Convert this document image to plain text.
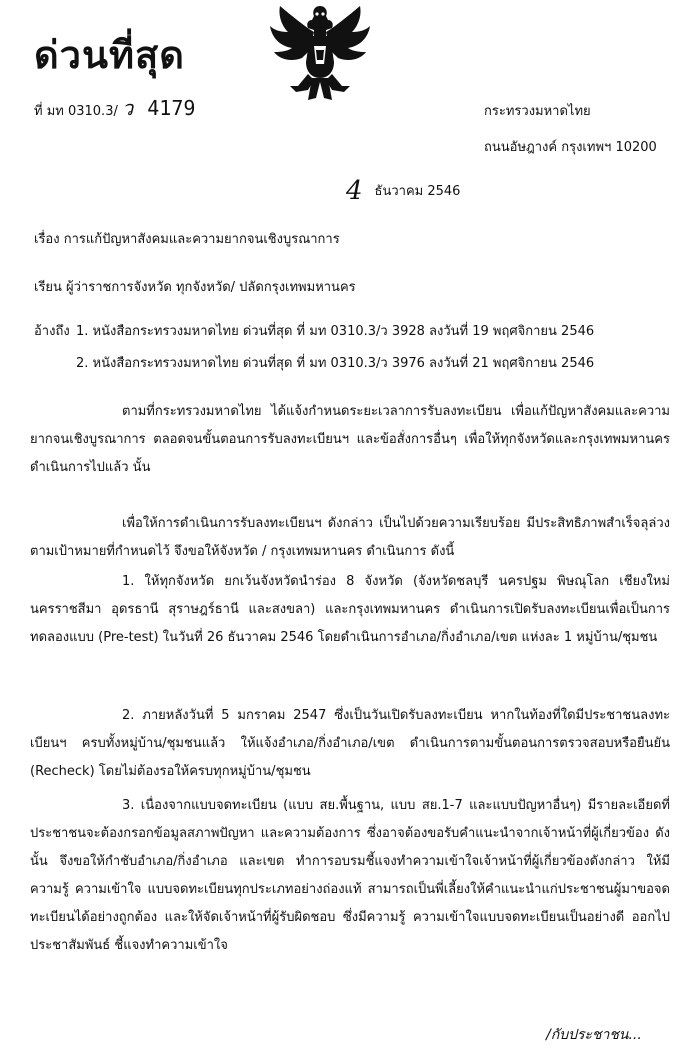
ด่วนที่สุด
ที่ มท 0310.3/ ว 4179	กระทรวงมหาดไทย
ถนนอัษฎางค์ กรุงเทพฯ 10200
4 ธันวาคม 2546
เรื่อง การแก้ปัญหาสังคมและความยากจนเชิงบูรณาการ
เรียน ผู้ว่าราชการจังหวัด ทุกจังหวัด/ ปลัดกรุงเทพมหานคร
อ้างถึง 1. หนังสือกระทรวงมหาดไทย ด่วนที่สุด ที่ มท 0310.3/ว 3928 ลงวันที่ 19 พฤศจิกายน 2546
2. หนังสือกระทรวงมหาดไทย ด่วนที่สุด ที่ มท 0310.3/ว 3976 ลงวันที่ 21 พฤศจิกายน 2546
ตามที่กระทรวงมหาดไทย ได้แจ้งกำหนดระยะเวลาการรับลงทะเบียน เพื่อแก้ปัญหาสังคมและความยากจนเชิงบูรณาการ ตลอดจนขั้นตอนการรับลงทะเบียนฯ และข้อสั่งการอื่นๆ เพื่อให้ทุกจังหวัดและกรุงเทพมหานคร ดำเนินการไปแล้ว นั้น
เพื่อให้การดำเนินการรับลงทะเบียนฯ ดังกล่าว เป็นไปด้วยความเรียบร้อย มีประสิทธิภาพสำเร็จลุล่วงตามเป้าหมายที่กำหนดไว้ จึงขอให้จังหวัด / กรุงเทพมหานคร ดำเนินการ ดังนี้
1. ให้ทุกจังหวัด ยกเว้นจังหวัดนำร่อง 8 จังหวัด (จังหวัดชลบุรี นครปฐม พิษณุโลก เชียงใหม่ นครราชสีมา อุดรธานี สุราษฎร์ธานี และสงขลา) และกรุงเทพมหานคร ดำเนินการเปิดรับลงทะเบียนเพื่อเป็นการทดลองแบบ (Pre-test) ในวันที่ 26 ธันวาคม 2546 โดยดำเนินการอำเภอ/กิ่งอำเภอ/เขต แห่งละ 1 หมู่บ้าน/ชุมชน
2. ภายหลังวันที่ 5 มกราคม 2547 ซึ่งเป็นวันเปิดรับลงทะเบียน หากในท้องที่ใดมีประชาชนลงทะเบียนฯ ครบทั้งหมู่บ้าน/ชุมชนแล้ว ให้แจ้งอำเภอ/กิ่งอำเภอ/เขต ดำเนินการตามขั้นตอนการตรวจสอบหรือยืนยัน (Recheck) โดยไม่ต้องรอให้ครบทุกหมู่บ้าน/ชุมชน
3. เนื่องจากแบบจดทะเบียน (แบบ สย.พื้นฐาน, แบบ สย.1-7 และแบบปัญหาอื่นๆ) มีรายละเอียดที่ประชาชนจะต้องกรอกข้อมูลสภาพปัญหา และความต้องการ ซึ่งอาจต้องขอรับคำแนะนำจากเจ้าหน้าที่ผู้เกี่ยวข้อง ดังนั้น จึงขอให้กำชับอำเภอ/กิ่งอำเภอ และเขต ทำการอบรมชี้แจงทำความเข้าใจเจ้าหน้าที่ผู้เกี่ยวข้องดังกล่าว ให้มีความรู้ ความเข้าใจ แบบจดทะเบียนทุกประเภทอย่างถ่องแท้ สามารถเป็นพี่เลี้ยงให้คำแนะนำแก่ประชาชนผู้มาขอจดทะเบียนได้อย่างถูกต้อง และให้จัดเจ้าหน้าที่ผู้รับผิดชอบ ซึ่งมีความรู้ ความเข้าใจแบบจดทะเบียนเป็นอย่างดี ออกไปประชาสัมพันธ์ ชี้แจงทำความเข้าใจ
/กับประชาชน...
